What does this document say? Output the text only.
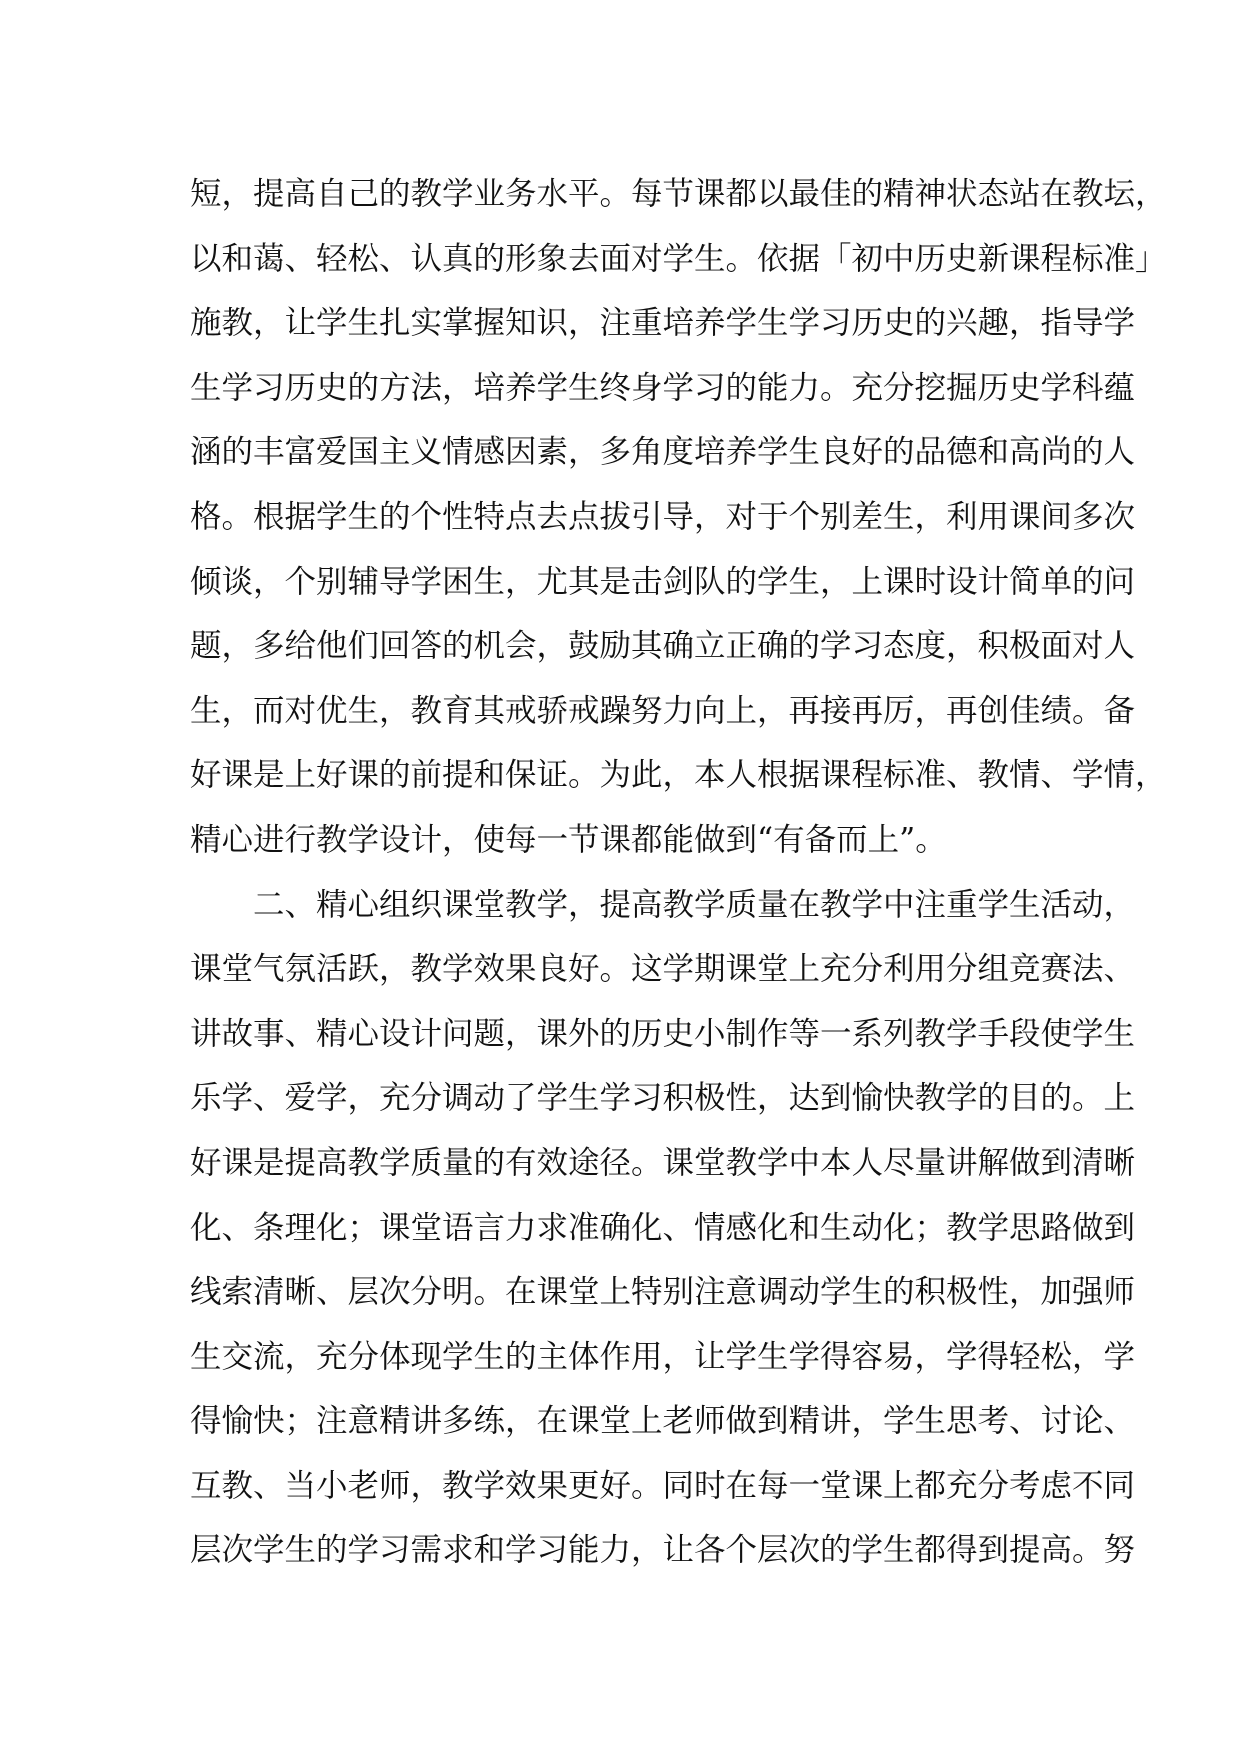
短，提高自己的教学业务水平。每节课都以最佳的精神状态站在教坛，
以和蔼、轻松、认真的形象去面对学生。依据「初中历史新课程标准」
施教，让学生扎实掌握知识，注重培养学生学习历史的兴趣，指导学
生学习历史的方法，培养学生终身学习的能力。充分挖掘历史学科蕴
涵的丰富爱国主义情感因素，多角度培养学生良好的品德和高尚的人
格。根据学生的个性特点去点拔引导，对于个别差生，利用课间多次
倾谈，个别辅导学困生，尤其是击剑队的学生，上课时设计简单的问
题，多给他们回答的机会，鼓励其确立正确的学习态度，积极面对人
生，而对优生，教育其戒骄戒躁努力向上，再接再厉，再创佳绩。备
好课是上好课的前提和保证。为此，本人根据课程标准、教情、学情，
精心进行教学设计，使每一节课都能做到“有备而上”。
二、精心组织课堂教学，提高教学质量在教学中注重学生活动，
课堂气氛活跃，教学效果良好。这学期课堂上充分利用分组竞赛法、
讲故事、精心设计问题，课外的历史小制作等一系列教学手段使学生
乐学、爱学，充分调动了学生学习积极性，达到愉快教学的目的。上
好课是提高教学质量的有效途径。课堂教学中本人尽量讲解做到清晰
化、条理化；课堂语言力求准确化、情感化和生动化；教学思路做到
线索清晰、层次分明。在课堂上特别注意调动学生的积极性，加强师
生交流，充分体现学生的主体作用，让学生学得容易，学得轻松，学
得愉快；注意精讲多练，在课堂上老师做到精讲，学生思考、讨论、
互教、当小老师，教学效果更好。同时在每一堂课上都充分考虑不同
层次学生的学习需求和学习能力，让各个层次的学生都得到提高。努
